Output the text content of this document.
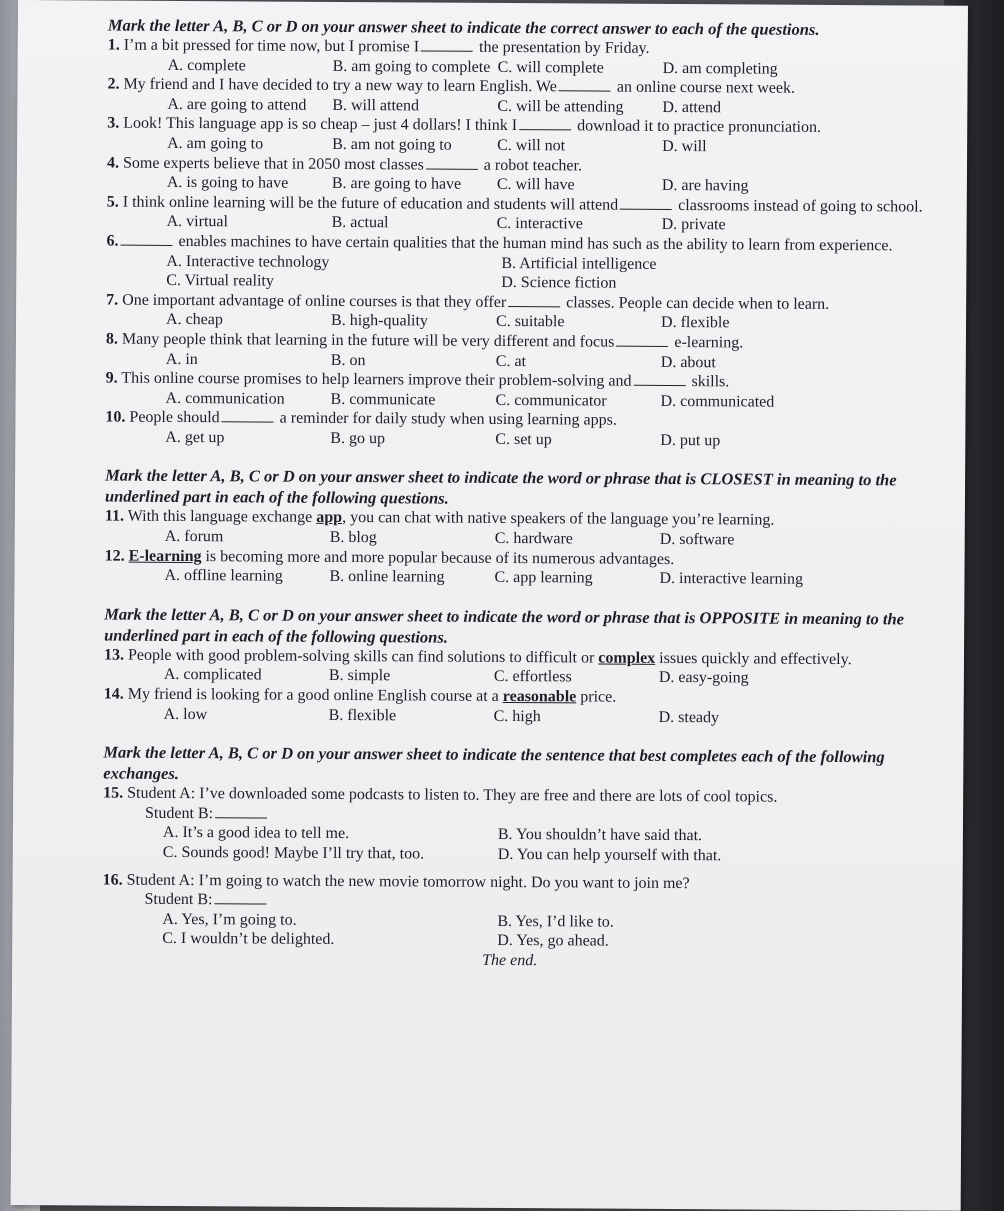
Mark the letter A, B, C or D on your answer sheet to indicate the correct answer to each of the questions.
1. I’m a bit pressed for time now, but I promise I	the presentation by Friday.
A. complete	B. am going to complete C. will complete	D. am completing
2. My friend and I have decided to try a new way to learn English. We	an online course next week.
A. are going to attend	B. will attend	C. will be attending	D. attend
3. Look! This language app is so cheap – just 4 dollars! I think I	download it to practice pronunciation.
A. am going to	B. am not going to	C. will not	D. will
4. Some experts believe that in 2050 most classes	a robot teacher.
A. is going to have	B. are going to have	C. will have	D. are having
5. I think online learning will be the future of education and students will attend	classrooms instead of going to school.
A. virtual	B. actual	C. interactive	D. private
6.	enables machines to have certain qualities that the human mind has such as the ability to learn from experience.
A. Interactive technology	B. Artificial intelligence
C. Virtual reality	D. Science fiction
7. One important advantage of online courses is that they offer	classes. People can decide when to learn.
A. cheap	B. high-quality	C. suitable	D. flexible
8. Many people think that learning in the future will be very different and focus	e-learning.
A. in	B. on	C. at	D. about
9. This online course promises to help learners improve their problem-solving and	skills.
A. communication	B. communicate	C. communicator	D. communicated
10. People should	a reminder for daily study when using learning apps.
A. get up	B. go up	C. set up	D. put up
Mark the letter A, B, C or D on your answer sheet to indicate the word or phrase that is CLOSEST in meaning to the underlined part in each of the following questions.
11. With this language exchange app, you can chat with native speakers of the language you’re learning.
A. forum	B. blog	C. hardware	D. software
12. E-learning is becoming more and more popular because of its numerous advantages.
A. offline learning	B. online learning	C. app learning	D. interactive learning
Mark the letter A, B, C or D on your answer sheet to indicate the word or phrase that is OPPOSITE in meaning to the underlined part in each of the following questions.
13. People with good problem-solving skills can find solutions to difficult or complex issues quickly and effectively.
A. complicated	B. simple	C. effortless	D. easy-going
14. My friend is looking for a good online English course at a reasonable price.
A. low	B. flexible	C. high	D. steady
Mark the letter A, B, C or D on your answer sheet to indicate the sentence that best completes each of the following exchanges.
15. Student A: I’ve downloaded some podcasts to listen to. They are free and there are lots of cool topics.
Student B:
A. It’s a good idea to tell me.	B. You shouldn’t have said that.
C. Sounds good! Maybe I’ll try that, too.	D. You can help yourself with that.
16. Student A: I’m going to watch the new movie tomorrow night. Do you want to join me?
Student B:
A. Yes, I’m going to.	B. Yes, I’d like to.
C. I wouldn’t be delighted.	D. Yes, go ahead.
The end.
